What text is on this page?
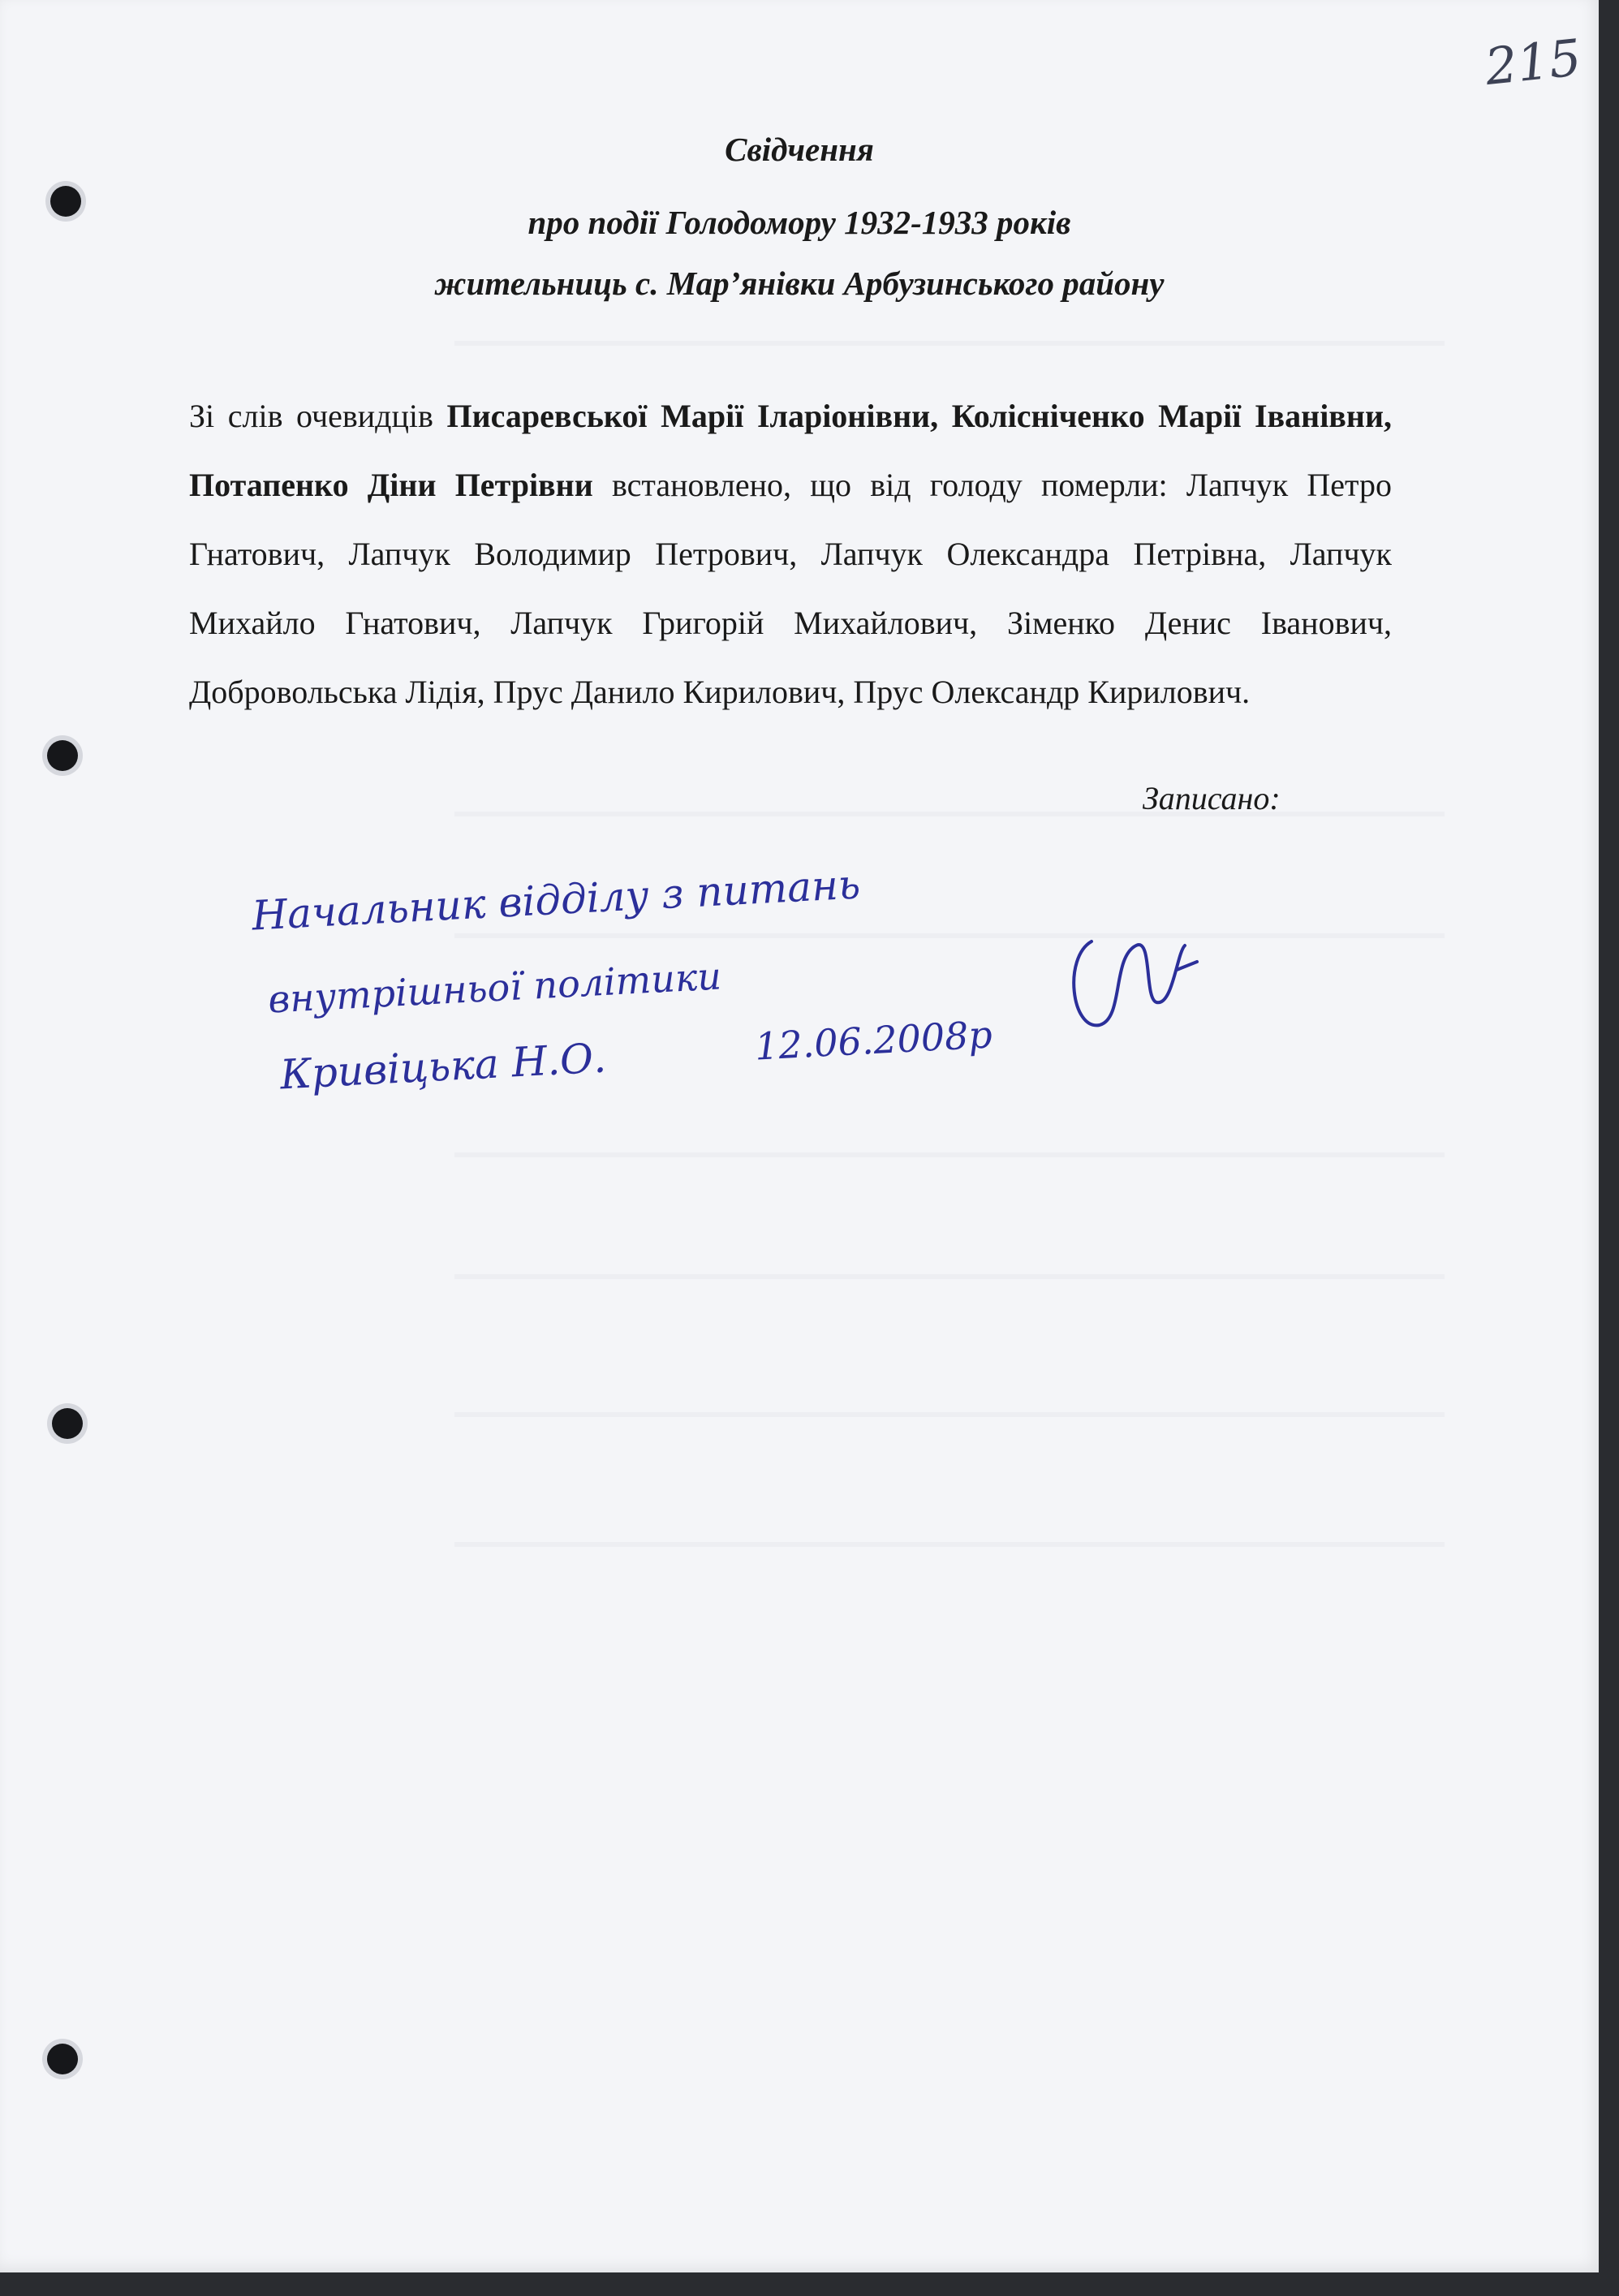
215
Свідчення
про події Голодомору 1932-1933 років
жительниць с. Мар’янівки Арбузинського району

Зі слів очевидців Писаревської Марії Іларіонівни, Колісніченко Марії Іванівни, Потапенко Діни Петрівни встановлено, що від голоду померли: Лапчук Петро Гнатович, Лапчук Володимир Петрович, Лапчук Олександра Петрівна, Лапчук Михайло Гнатович, Лапчук Григорій Михайлович, Зіменко Денис Іванович, Добровольська Лідія, Прус Данило Кирилович, Прус Олександр Кирилович.

Записано:

Начальник відділу з питань
внутрішньої політики
Кривіцька Н.О.	12.06.2008р
